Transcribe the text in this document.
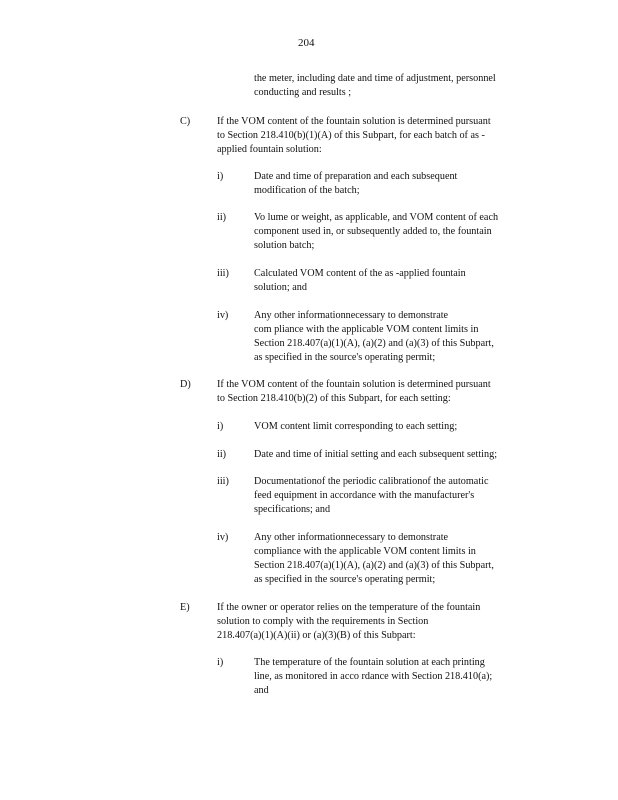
204
the meter, including date and time of adjustment, personnel
conducting and results ;
C)	If the VOM content of the fountain solution is determined pursuant
to Section 218.410(b)(1)(A) of this Subpart, for each batch of as -
applied fountain solution:
i)	Date and time of preparation and each subsequent
modification of the batch;
ii)	Vo lume or weight, as applicable, and VOM content of each
component used in, or subsequently added to, the fountain
solution batch;
iii) Calculated VOM content of the as -applied fountain
solution; and
iv)	Any other informationnecessary to demonstrate
com pliance with the applicable VOM content limits in
Section 218.407(a)(1)(A), (a)(2) and (a)(3) of this Subpart,
as specified in the source's operating permit;
D)	If the VOM content of the fountain solution is determined pursuant
to Section 218.410(b)(2) of this Subpart, for each setting:
i)	VOM content limit corresponding to each setting;
ii)	Date and time of initial setting and each subsequent setting;
iii) Documentationof the periodic calibrationof the automatic
feed equipment in accordance with the manufacturer's
specifications; and
iv)	Any other informationnecessary to demonstrate
compliance with the applicable VOM content limits in
Section 218.407(a)(1)(A), (a)(2) and (a)(3) of this Subpart,
as specified in the source's operating permit;
E)	If the owner or operator relies on the temperature of the fountain
solution to comply with the requirements in Section
218.407(a)(1)(A)(ii) or (a)(3)(B) of this Subpart:
i)	The temperature of the fountain solution at each printing
line, as monitored in acco rdance with Section 218.410(a);
and
